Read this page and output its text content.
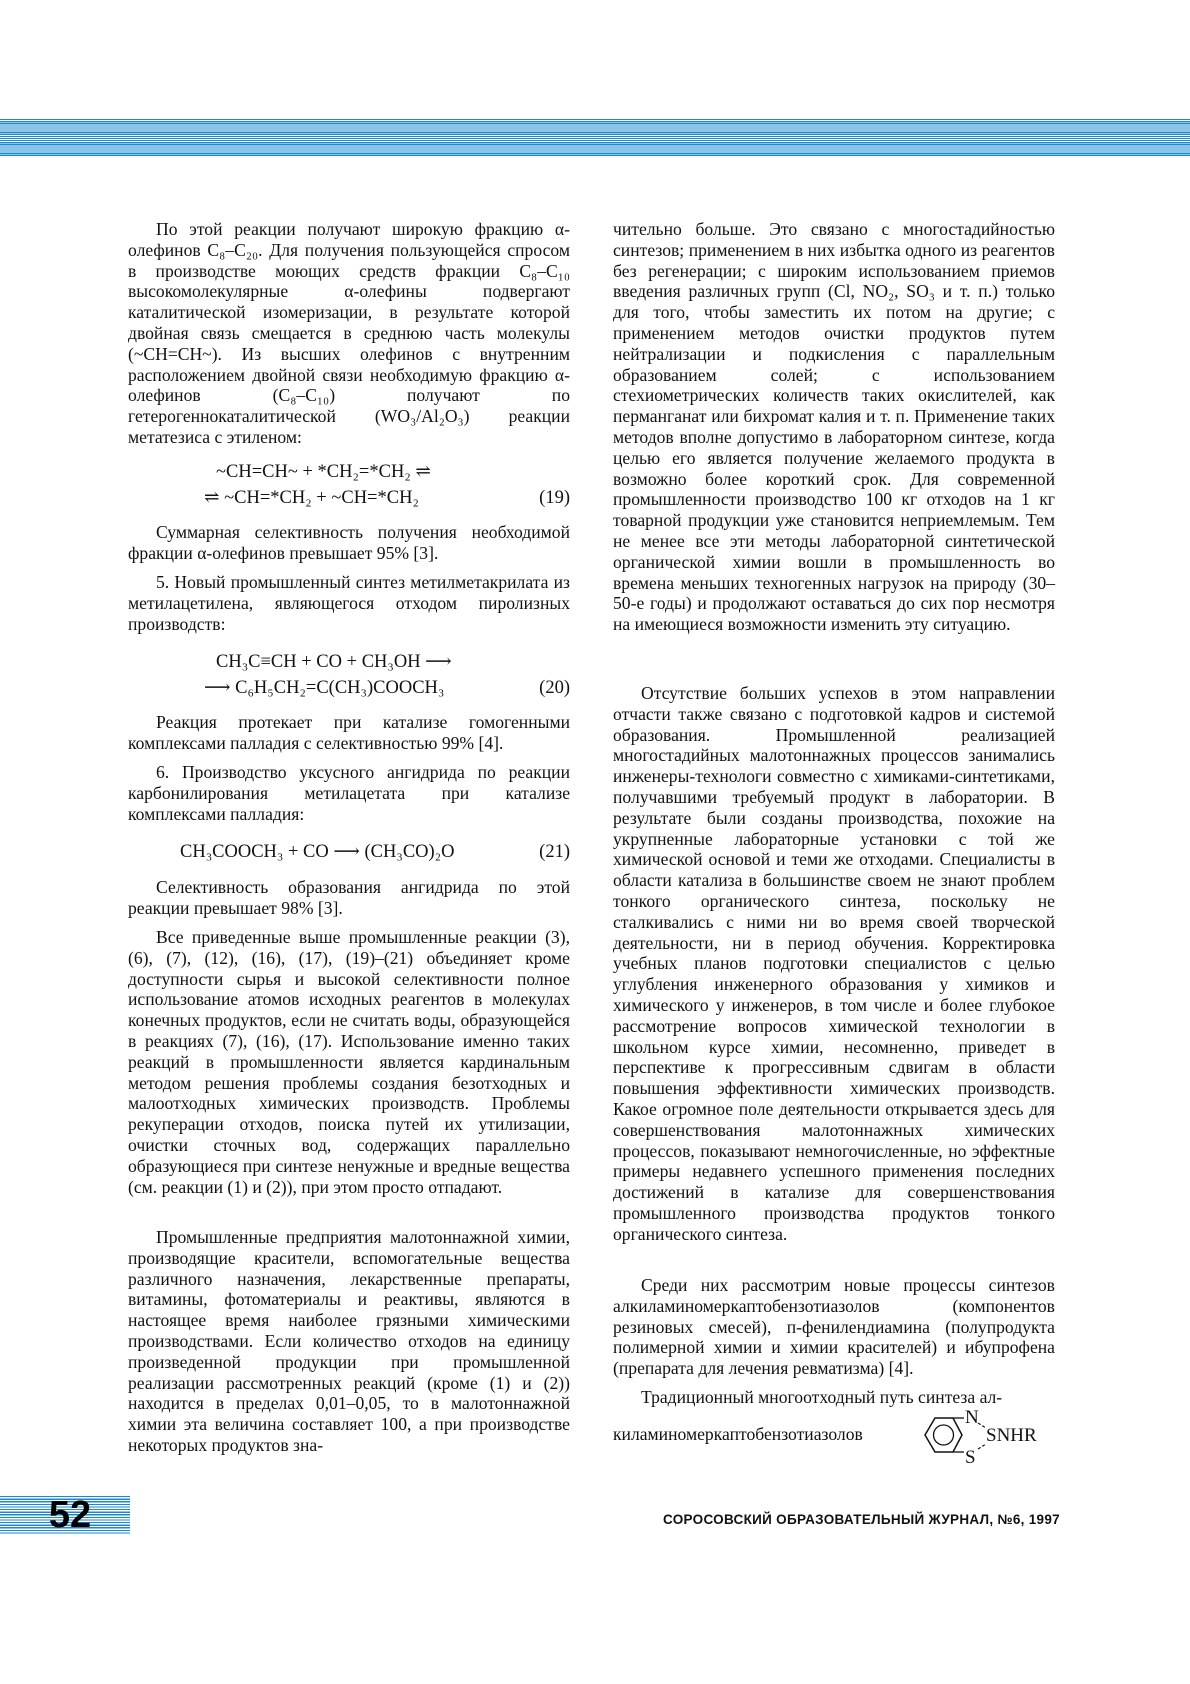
По этой реакции получают широкую фракцию α-олефинов C₈–C₂₀. Для получения пользующейся спросом в производстве моющих средств фракции C₈–C₁₀ высокомолекулярные α-олефины подвергают каталитической изомеризации, в результате которой двойная связь смещается в среднюю часть молекулы (~CH=CH~). Из высших олефинов с внутренним расположением двойной связи необходимую фракцию α-олефинов (C₈–C₁₀) получают по гетерогеннокаталитической (WO₃/Al₂O₃) реакции метатезиса с этиленом:
~CH=CH~ + *CH₂=*CH₂ ⇌
⇌ ~CH=*CH₂ + ~CH=*CH₂	(19)
Суммарная селективность получения необходимой фракции α-олефинов превышает 95% [3].
5. Новый промышленный синтез метилметакрилата из метилацетилена, являющегося отходом пиролизных производств:
CH₃C≡CH + CO + CH₃OH ⟶
⟶ C₆H₅CH₂=C(CH₃)COOCH₃	(20)
Реакция протекает при катализе гомогенными комплексами палладия с селективностью 99% [4].
6. Производство уксусного ангидрида по реакции карбонилирования метилацетата при катализе комплексами палладия:
CH₃COOCH₃ + CO ⟶ (CH₃CO)₂O	(21)
Селективность образования ангидрида по этой реакции превышает 98% [3].
Все приведенные выше промышленные реакции (3), (6), (7), (12), (16), (17), (19)–(21) объединяет кроме доступности сырья и высокой селективности полное использование атомов исходных реагентов в молекулах конечных продуктов, если не считать воды, образующейся в реакциях (7), (16), (17). Использование именно таких реакций в промышленности является кардинальным методом решения проблемы создания безотходных и малоотходных химических производств. Проблемы рекуперации отходов, поиска путей их утилизации, очистки сточных вод, содержащих параллельно образующиеся при синтезе ненужные и вредные вещества (см. реакции (1) и (2)), при этом просто отпадают.
Промышленные предприятия малотоннажной химии, производящие красители, вспомогательные вещества различного назначения, лекарственные препараты, витамины, фотоматериалы и реактивы, являются в настоящее время наиболее грязными химическими производствами. Если количество отходов на единицу произведенной продукции при промышленной реализации рассмотренных реакций (кроме (1) и (2)) находится в пределах 0,01–0,05, то в малотоннажной химии эта величина составляет 100, а при производстве некоторых продуктов зна-
чительно больше. Это связано с многостадийностью синтезов; применением в них избытка одного из реагентов без регенерации; с широким использованием приемов введения различных групп (Cl, NO₂, SO₃ и т. п.) только для того, чтобы заместить их потом на другие; с применением методов очистки продуктов путем нейтрализации и подкисления с параллельным образованием солей; с использованием стехиометрических количеств таких окислителей, как перманганат или бихромат калия и т. п. Применение таких методов вполне допустимо в лабораторном синтезе, когда целью его является получение желаемого продукта в возможно более короткий срок. Для современной промышленности производство 100 кг отходов на 1 кг товарной продукции уже становится неприемлемым. Тем не менее все эти методы лабораторной синтетической органической химии вошли в промышленность во времена меньших техногенных нагрузок на природу (30–50-е годы) и продолжают оставаться до сих пор несмотря на имеющиеся возможности изменить эту ситуацию.
Отсутствие больших успехов в этом направлении отчасти также связано с подготовкой кадров и системой образования. Промышленной реализацией многостадийных малотоннажных процессов занимались инженеры-технологи совместно с химиками-синтетиками, получавшими требуемый продукт в лаборатории. В результате были созданы производства, похожие на укрупненные лабораторные установки с той же химической основой и теми же отходами. Специалисты в области катализа в большинстве своем не знают проблем тонкого органического синтеза, поскольку не сталкивались с ними ни во время своей творческой деятельности, ни в период обучения. Корректировка учебных планов подготовки специалистов с целью углубления инженерного образования у химиков и химического у инженеров, в том числе и более глубокое рассмотрение вопросов химической технологии в школьном курсе химии, несомненно, приведет в перспективе к прогрессивным сдвигам в области повышения эффективности химических производств. Какое огромное поле деятельности открывается здесь для совершенствования малотоннажных химических процессов, показывают немногочисленные, но эффектные примеры недавнего успешного применения последних достижений в катализе для совершенствования промышленного производства продуктов тонкого органического синтеза.
Среди них рассмотрим новые процессы синтезов алкиламиномеркаптобензотиазолов (компонентов резиновых смесей), п-фенилендиамина (полупродукта полимерной химии и химии красителей) и ибупрофена (препарата для лечения ревматизма) [4].
Традиционный многоотходный путь синтеза ал-
киламиномеркаптобензотиазолов
N
S
SNHR
52	СОРОСОВСКИЙ ОБРАЗОВАТЕЛЬНЫЙ ЖУРНАЛ, №6, 1997
